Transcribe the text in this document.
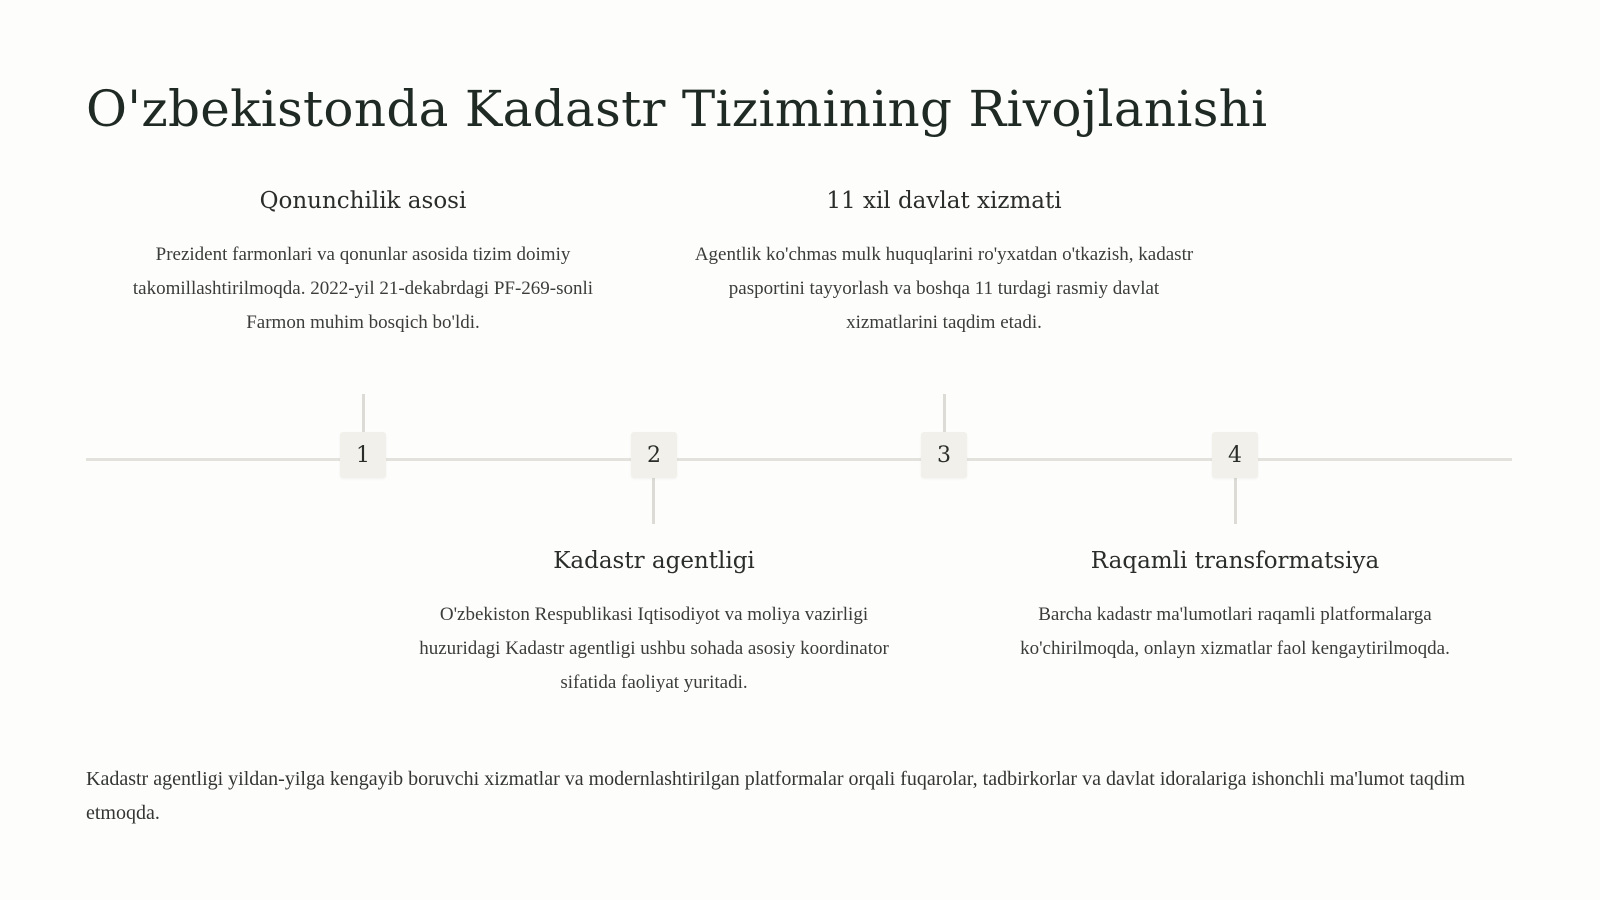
O'zbekistonda Kadastr Tizimining Rivojlanishi
1	2	3	4
Qonunchilik asosi

Prezident farmonlari va qonunlar asosida tizim doimiy takomillashtirilmoqda. 2022-yil 21-dekabrdagi PF-269-sonli Farmon muhim bosqich bo'ldi.

Kadastr agentligi

O'zbekiston Respublikasi Iqtisodiyot va moliya vazirligi huzuridagi Kadastr agentligi ushbu sohada asosiy koordinator sifatida faoliyat yuritadi.

11 xil davlat xizmati

Agentlik ko'chmas mulk huquqlarini ro'yxatdan o'tkazish, kadastr pasportini tayyorlash va boshqa 11 turdagi rasmiy davlat xizmatlarini taqdim etadi.

Raqamli transformatsiya

Barcha kadastr ma'lumotlari raqamli platformalarga ko'chirilmoqda, onlayn xizmatlar faol kengaytirilmoqda.

Kadastr agentligi yildan-yilga kengayib boruvchi xizmatlar va modernlashtirilgan platformalar orqali fuqarolar, tadbirkorlar va davlat idoralariga ishonchli ma'lumot taqdim etmoqda.
